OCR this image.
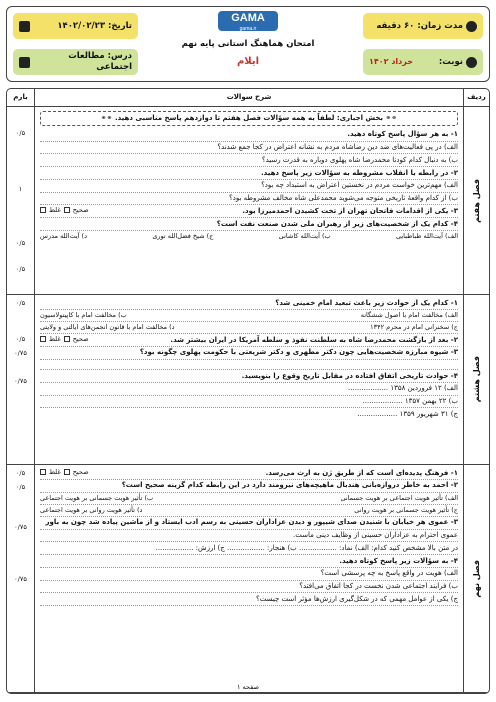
مدت زمان: ۶۰ دقیقه
نوبت:
خرداد ۱۴۰۲
تاریخ: ۱۴۰۲/۰۲/۲۳
درس: مطالعات اجتماعی
GAMA
gama.ir
امتحان هماهنگ استانی پایه نهم
ایلام
ردیف
شرح سوالات
بارم
فصل هفتم
⚭⚭ بخش اجباری: لطفاً به همه سؤالات فصل هفتم تا دوازدهم پاسخ مناسبی دهید. ⚭⚭
۱- به هر سؤال پاسخ کوتاه دهید.
الف) در پی فعالیت‌های ضد دین رضاشاه مردم به نشانه اعتراض در کجا جمع شدند؟
ب) به دنبال کدام کودتا محمدرضا شاه پهلوی دوباره به قدرت رسید؟
۲- در رابطه با انقلاب مشروطه به سؤالات زیر پاسخ دهید.
الف) مهم‌ترین خواست مردم در نخستین اعتراض به استبداد چه بود؟
ب) از کدام واقعهٔ تاریخی متوجه می‌شوید محمدعلی شاه مخالف مشروطه بود؟
۳- یکی از اقدامات فاتحان تهران از تخت کشیدن احمدمیرزا بود.
صحیح
غلط
۴- کدام یک از شخصیت‌های زیر از رهبران ملی شدن صنعت نفت است؟
الف) آیت‌الله طباطبایی
ب) آیت‌الله کاشانی
ج) شیخ فضل‌الله نوری
د) آیت‌الله مدرس
۰/۵
۱
۰/۵
۰/۵
فصل هشتم
۱- کدام یک از حوادث زیر باعث تبعید امام خمینی شد؟
الف) مخالفت امام با اصول ششگانه
ب) مخالفت امام با کاپیتولاسیون
ج) سخنرانی امام در محرم ۱۳۴۲
د) مخالفت امام با قانون انجمن‌های ایالتی و ولایتی
۲- بعد از بازگشت محمدرضا شاه به سلطنت نفوذ و سلطه آمریکا در ایران بیشتر شد.
صحیح
غلط
۳- شیوه مبارزه شخصیت‌هایی چون دکتر مطهری و دکتر شریعتی با حکومت پهلوی چگونه بود؟
۴- حوادث تاریخی اتفاق افتاده در مقابل تاریخ وقوع را بنویسید.
الف) ۱۲ فروردین ۱۳۵۸ ..................
ب) ۲۲ بهمن ۱۳۵۷ ..................
ج) ۳۱ شهریور ۱۳۵۹ ..................
۰/۵
۰/۵
۰/۷۵
۰/۷۵
فصل نهم
۱- فرهنگ پدیده‌ای است که از طریق ژن به ارث می‌رسد.
صحیح
غلط
۲- احمد به خاطر دروازه‌بانی هندبال ماهیچه‌های نیرومند دارد در این رابطه کدام گزینه صحیح است؟
الف) تأثیر هویت اجتماعی بر هویت جسمانی
ب) تأثیر هویت جسمانی بر هویت اجتماعی
ج) تأثیر هویت جسمانی بر هویت روانی
د) تأثیر هویت روانی بر هویت اجتماعی
۳- عموی هر خیابان با شنیدن صدای شیپور و دیدن عزاداران حسینی به رسم ادب ایستاد و از ماشین پیاده شد چون به باور
عموی احترام به عزاداران حسینی از وظایف دینی ماست.
در متن بالا مشخص کنید کدام: الف) نماد: ................. ب) هنجار: ................. ج) ارزش: .................
۴- به سؤالات زیر پاسخ کوتاه دهید.
الف) هویت در واقع پاسخ به چه پرسشی است؟
ب) فرایند اجتماعی شدن نخست در کجا اتفاق می‌افتد؟
ج) یکی از عوامل مهمی که در شکل‌گیری ارزش‌ها مؤثر است چیست؟
۰/۵
۰/۵
۰/۷۵
۰/۷۵
صفحه ۱
